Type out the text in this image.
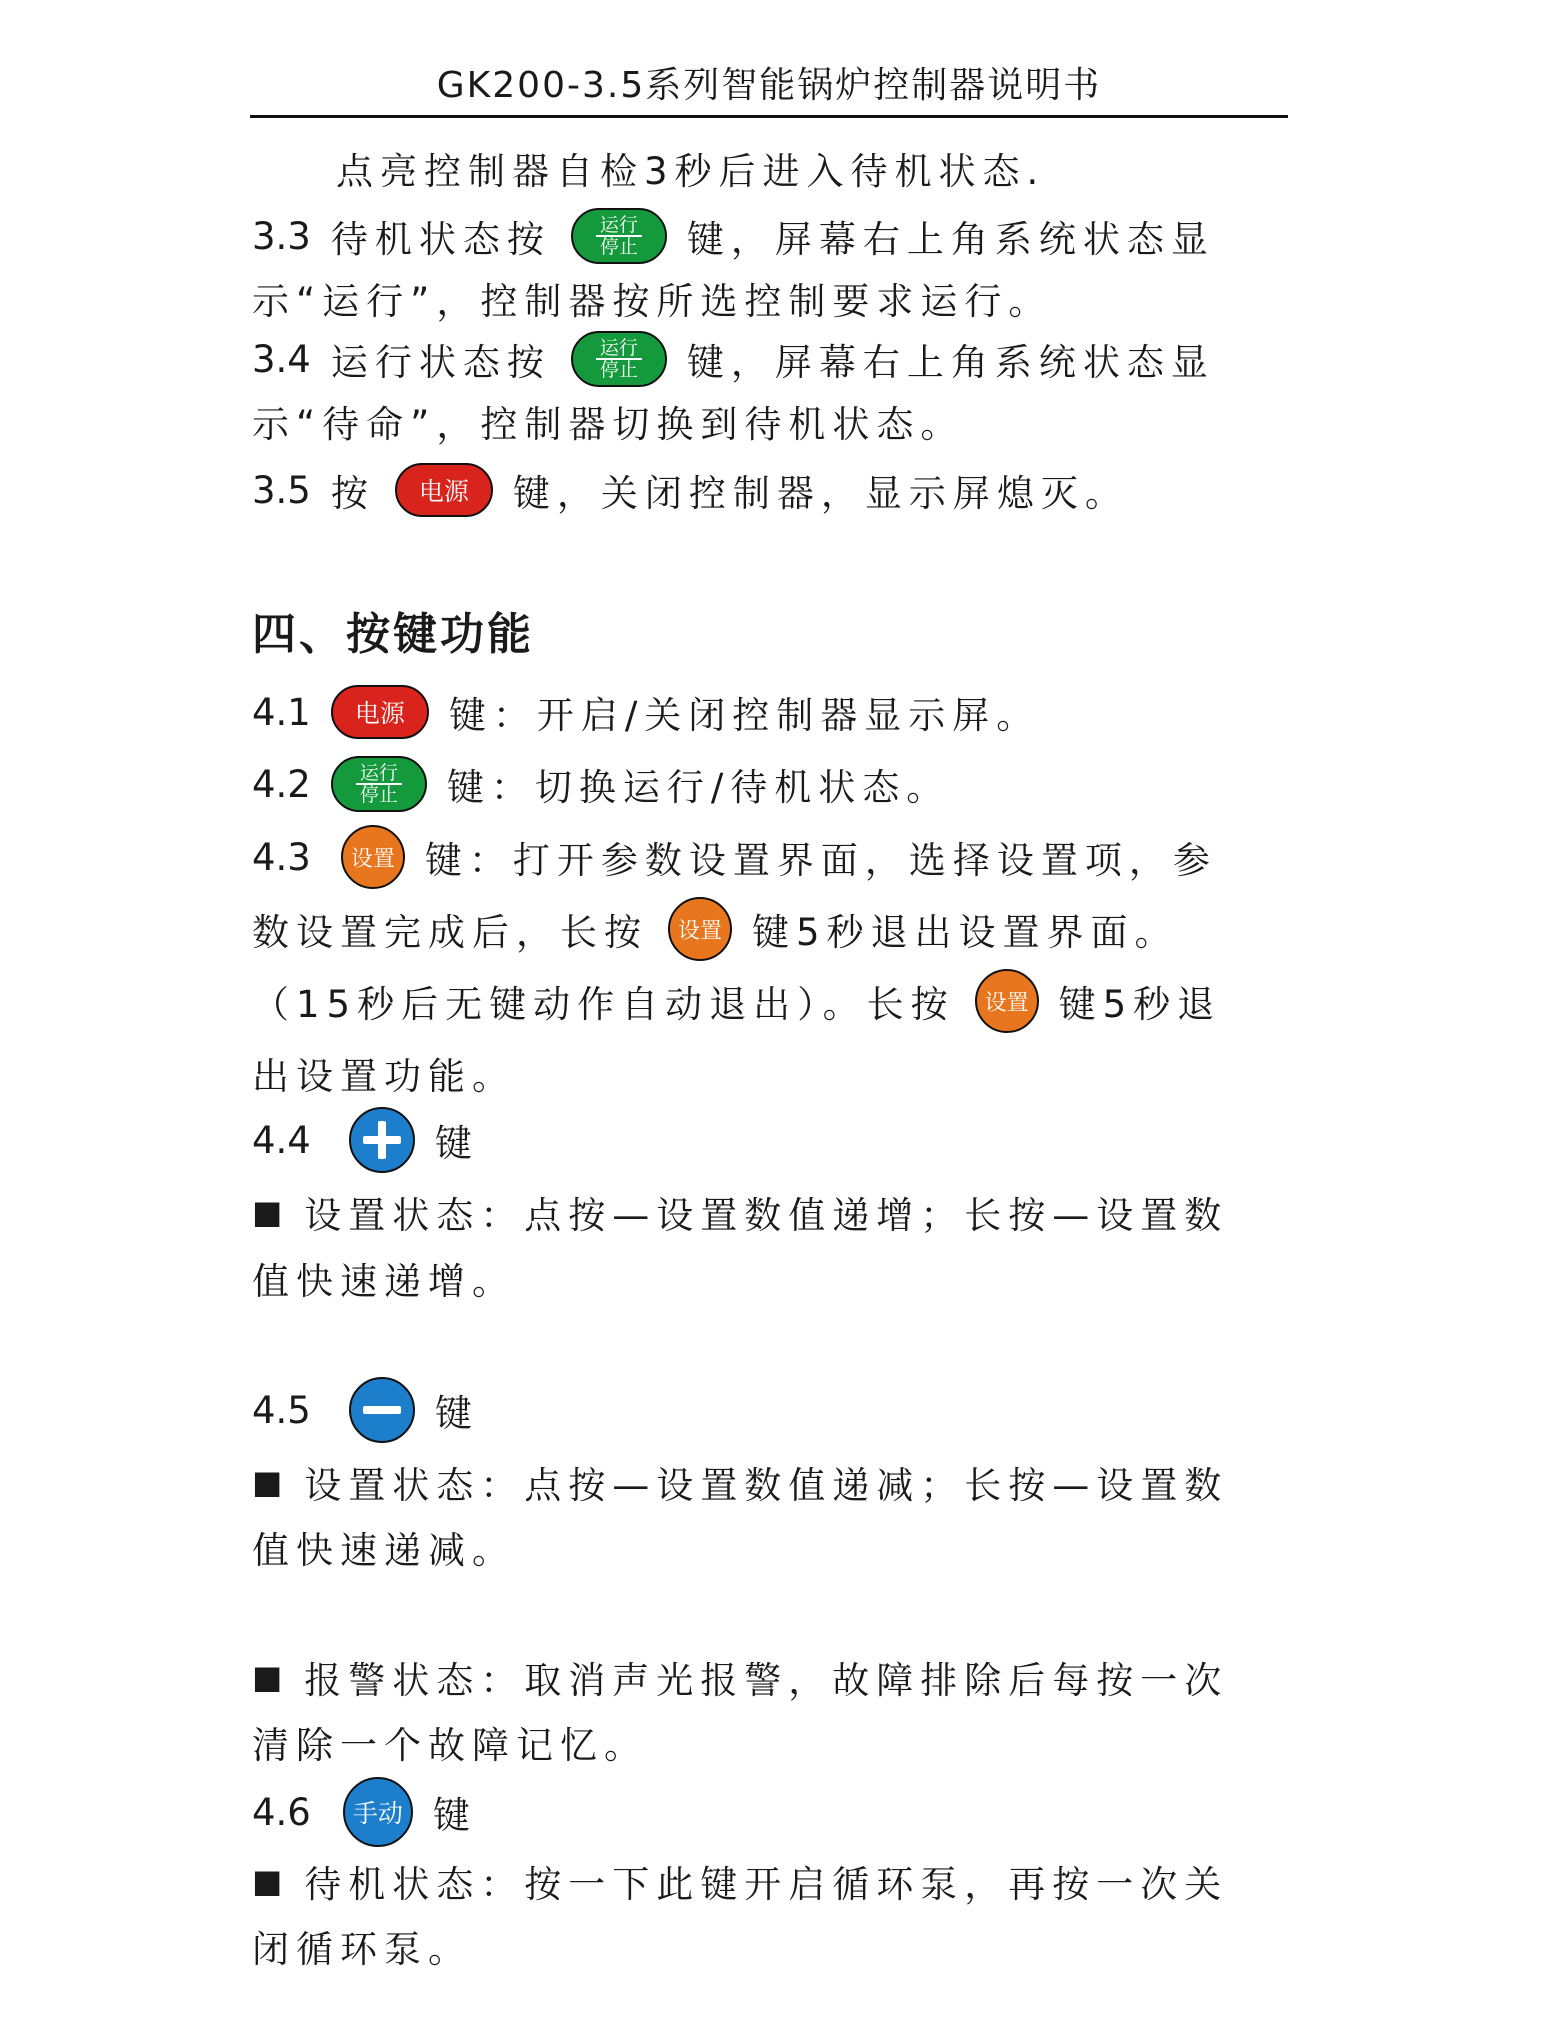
GK200-3.5系列智能锅炉控制器说明书
点亮控制器自检3秒后进入待机状态.
3.3 待机状态按	运行
停止 键，屏幕右上角系统状态显
示“运行”，控制器按所选控制要求运行。
3.4 运行状态按	运行
停止 键，屏幕右上角系统状态显
示“待命”，控制器切换到待机状态。
3.5 按	电源	键，关闭控制器，显示屏熄灭。
四、按键功能
4.1	电源	键：开启/关闭控制器显示屏。
4.2	运行
停止 键：切换运行/待机状态。
4.3	设置 键：打开参数设置界面，选择设置项，参
数设置完成后，长按	设置 键5秒退出设置界面。
（15秒后无键动作自动退出）。长按	设置 键5秒退
出设置功能。
4.4	键
■ 设置状态：点按—设置数值递增；长按—设置数
值快速递增。
4.5	键
■ 设置状态：点按—设置数值递减；长按—设置数
值快速递减。
■ 报警状态：取消声光报警，故障排除后每按一次
清除一个故障记忆。
4.6	手动 键
■ 待机状态：按一下此键开启循环泵，再按一次关
闭循环泵。
